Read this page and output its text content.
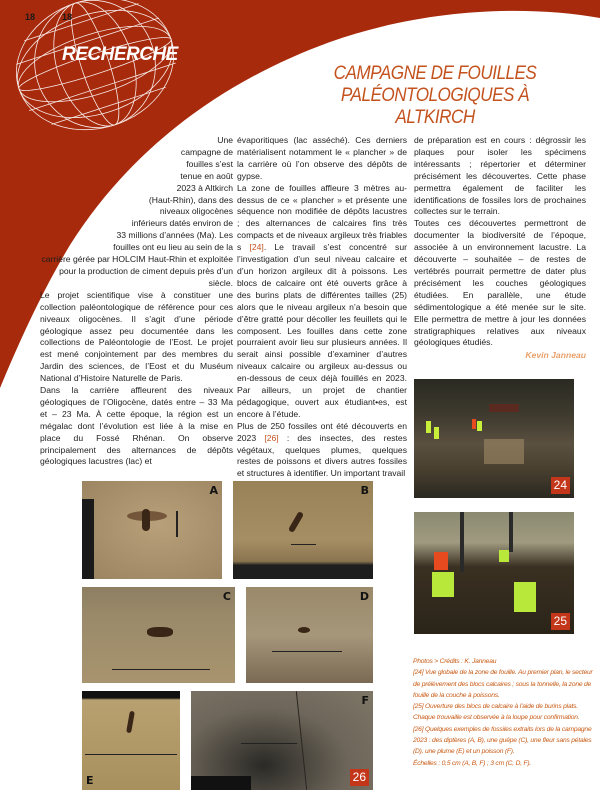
18	18
RECHERCHE
CAMPAGNE DE FOUILLES
PALÉONTOLOGIQUES À ALTKIRCH

Une campagne de fouilles s’est tenue en août 2023 à Altkirch (Haut-Rhin), dans des niveaux oligocènes inférieurs datés environ de 33 millions d’années (Ma). Les fouilles ont eu lieu au sein de la carrière gérée par HOLCIM Haut-Rhin et exploitée pour la production de ciment depuis près d’un siècle.

Le projet scientifique vise à constituer une collection paléontologique de référence pour ces niveaux oligocènes. Il s’agit d’une période géologique assez peu documentée dans les collections de Paléontologie de l’Eost. Le projet est mené conjointement par des membres du Jardin des sciences, de l’Eost et du Muséum National d’Histoire Naturelle de Paris.

Dans la carrière affleurent des niveaux géologiques de l’Oligocène, datés entre – 33 Ma et – 23 Ma. À cette époque, la région est un mégalac dont l’évolution est liée à la mise en place du Fossé Rhénan. On observe principalement des alternances de dépôts géologiques lacustres (lac) et

évaporitiques (lac asséché). Ces derniers matérialisent notamment le « plancher » de la carrière où l’on observe des dépôts de gypse.

La zone de fouilles affleure 3 mètres au-dessus de ce « plancher » et présente une séquence non modifiée de dépôts lacustres ; des alternances de calcaires fins très compacts et de niveaux argileux très friables s [24]. Le travail s’est concentré sur l’investigation d’un seul niveau calcaire et d’un horizon argileux dit à poissons. Les blocs de calcaire ont été ouverts grâce à des burins plats de différentes tailles (25) alors que le niveau argileux n’a besoin que d’être gratté pour décoller les feuillets qui le composent. Les fouilles dans cette zone pourraient avoir lieu sur plusieurs années. Il serait ainsi possible d’examiner d’autres niveaux calcaire ou argileux au-dessus ou en-dessous de ceux déjà fouillés en 2023. Par ailleurs, un projet de chantier pédagogique, ouvert aux étudiant•es, est encore à l’étude.

Plus de 250 fossiles ont été découverts en 2023 [26] : des insectes, des restes végétaux, quelques plumes, quelques restes de poissons et divers autres fossiles et structures à identifier. Un important travail

de préparation est en cours : dégrossir les plaques pour isoler les spécimens intéressants ; répertorier et déterminer précisément les découvertes. Cette phase permettra également de faciliter les identifications de fossiles lors de prochaines collectes sur le terrain.

Toutes ces découvertes permettront de documenter la biodiversité de l’époque, associée à un environnement lacustre. La découverte – souhaitée – de restes de vertébrés pourrait permettre de dater plus précisément les couches géologiques étudiées. En parallèle, une étude sédimentologique a été menée sur le site. Elle permettra de mettre à jour les données stratigraphiques relatives aux niveaux géologiques étudiés.

Kevin Janneau
24
25
A	B
C	D
E
F
26

Photos > Crédits : K. Janneau

[24] Vue globale de la zone de fouille. Au premier plan, le secteur de prélèvement des blocs calcaires ; sous la tonnelle, la zone de fouille de la couche à poissons.

[25] Ouverture des blocs de calcaire à l’aide de burins plats. Chaque trouvaille est observée à la loupe pour confirmation.

[26] Quelques exemples de fossiles extraits lors de la campagne 2023 : des diptères (A, B), une guêpe (C), une fleur sans pétales (D), une plume (E) et un poisson (F).

Échelles : 0,5 cm (A, B, F) ; 3 cm (C, D, F).
